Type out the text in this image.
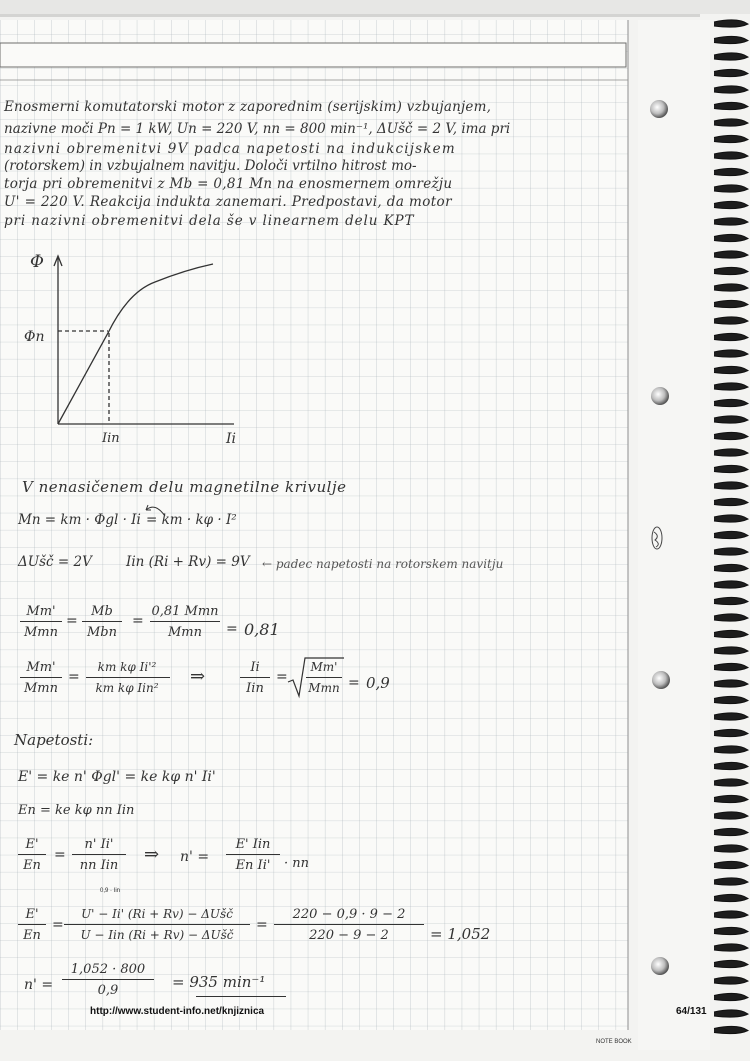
Enosmerni komutatorski motor z zaporednim (serijskim) vzbujanjem,
nazivne moči Pn = 1 kW, Un = 220 V, nn = 800 min⁻¹, ΔUšč = 2 V, ima pri
nazivni obremenitvi 9V padca napetosti na indukcijskem
(rotorskem) in vzbujalnem navitju. Določi vrtilno hitrost mo-
torja pri obremenitvi z Mb = 0,81 Mn na enosmernem omrežju
U' = 220 V. Reakcija indukta zanemari. Predpostavi, da motor
pri nazivni obremenitvi dela še v linearnem delu KPT
Φ
Φn
Iin	Ii
V nenasičenem delu magnetilne krivulje
Mn = km · Φgl · Ii = km · kφ · I²
ΔUšč = 2V	Iin (Ri + Rv) = 9V ← padec napetosti na rotorskem navitju
Mm'
Mmn
=
Mb
Mbn
=
0,81 Mmn
Mmn	= 0,81
Mm'
Mmn
=
km kφ Ii'²
km kφ Iin²
⇒	Ii
Iin
=
Mm'
Mmn = 0,9
Napetosti:
E' = ke n' Φgl' = ke kφ n' Ii'
En = ke kφ nn Iin
E'
En
=
n' Ii'
nn Iin
⇒ n' =
E' Iin
En Ii'	· nn
0,9 · Iin
E'
En
=
U' − Ii' (Ri + Rv) − ΔUšč
U − Iin (Ri + Rv) − ΔUšč
=
220 − 0,9 · 9 − 2
220 − 9 − 2	= 1,052
n' =
1,052 · 800
0,9	= 935 min⁻¹
http://www.student-info.net/knjiznica	64/131
NOTE BOOK
